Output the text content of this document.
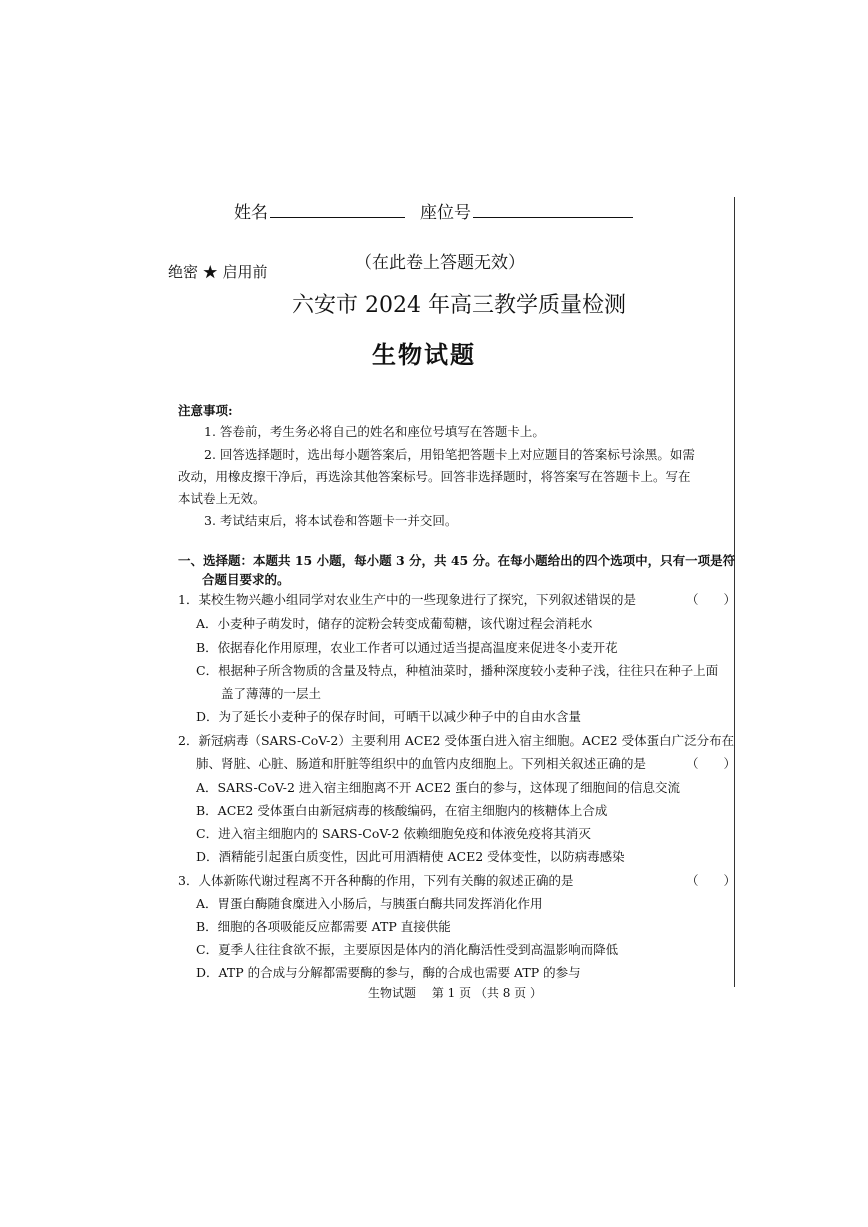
姓名	座位号
绝密 ★ 启用前	（在此卷上答题无效）
六安市 2024 年高三教学质量检测
生物试题
注意事项:
1. 答卷前，考生务必将自己的姓名和座位号填写在答题卡上。
2. 回答选择题时，选出每小题答案后，用铅笔把答题卡上对应题目的答案标号涂黑。如需
改动，用橡皮擦干净后，再选涂其他答案标号。回答非选择题时，将答案写在答题卡上。写在
本试卷上无效。
3. 考试结束后，将本试卷和答题卡一并交回。
一、选择题：本题共 15 小题，每小题 3 分，共 45 分。在每小题给出的四个选项中，只有一项是符
合题目要求的。
1．某校生物兴趣小组同学对农业生产中的一些现象进行了探究，下列叙述错误的是	（　　）
A．小麦种子萌发时，储存的淀粉会转变成葡萄糖，该代谢过程会消耗水
B．依据春化作用原理，农业工作者可以通过适当提高温度来促进冬小麦开花
C．根据种子所含物质的含量及特点，种植油菜时，播种深度较小麦种子浅，往往只在种子上面
　　盖了薄薄的一层土
D．为了延长小麦种子的保存时间，可晒干以减少种子中的自由水含量
2．新冠病毒（SARS-CoV-2）主要利用 ACE2 受体蛋白进入宿主细胞。ACE2 受体蛋白广泛分布在
肺、肾脏、心脏、肠道和肝脏等组织中的血管内皮细胞上。下列相关叙述正确的是	（　　）
A．SARS-CoV-2 进入宿主细胞离不开 ACE2 蛋白的参与，这体现了细胞间的信息交流
B．ACE2 受体蛋白由新冠病毒的核酸编码，在宿主细胞内的核糖体上合成
C．进入宿主细胞内的 SARS-CoV-2 依赖细胞免疫和体液免疫将其消灭
D．酒精能引起蛋白质变性，因此可用酒精使 ACE2 受体变性，以防病毒感染
3．人体新陈代谢过程离不开各种酶的作用，下列有关酶的叙述正确的是	（　　）
A．胃蛋白酶随食糜进入小肠后，与胰蛋白酶共同发挥消化作用
B．细胞的各项吸能反应都需要 ATP 直接供能
C．夏季人往往食欲不振，主要原因是体内的消化酶活性受到高温影响而降低
D．ATP 的合成与分解都需要酶的参与，酶的合成也需要 ATP 的参与
生物试题　 第 1 页 （共 8 页 ）
